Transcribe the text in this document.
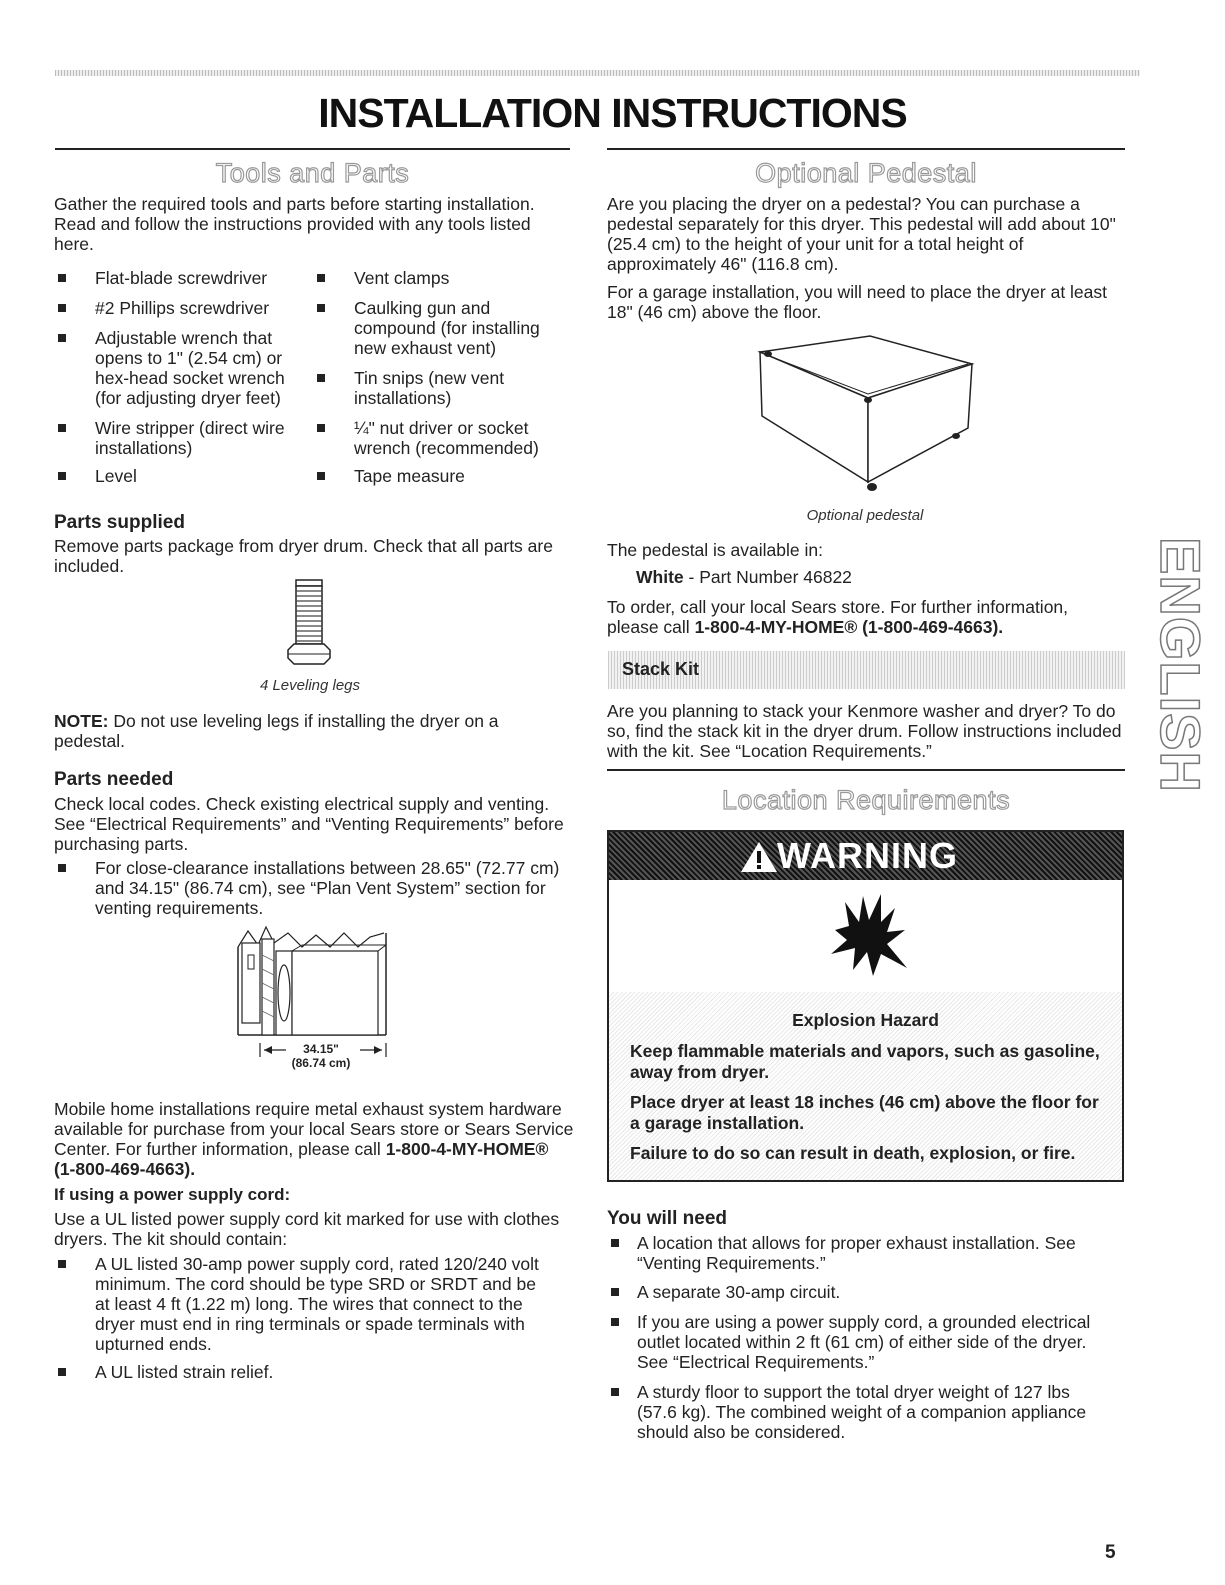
INSTALLATION INSTRUCTIONS
Tools and Parts
Gather the required tools and parts before starting installation. Read and follow the instructions provided with any tools listed here.
Flat-blade screwdriver
#2 Phillips screwdriver
Adjustable wrench that opens to 1" (2.54 cm) or hex-head socket wrench (for adjusting dryer feet)
Wire stripper (direct wire installations)
Level
Vent clamps
Caulking gun and compound (for installing new exhaust vent)
Tin snips (new vent installations)
¼" nut driver or socket wrench (recommended)
Tape measure
Parts supplied
Remove parts package from dryer drum. Check that all parts are included.
4 Leveling legs
NOTE: Do not use leveling legs if installing the dryer on a pedestal.
Parts needed
Check local codes. Check existing electrical supply and venting. See “Electrical Requirements” and “Venting Requirements” before purchasing parts.
For close-clearance installations between 28.65" (72.77 cm) and 34.15" (86.74 cm), see “Plan Vent System” section for venting requirements.
34.15"
(86.74 cm)
Mobile home installations require metal exhaust system hardware available for purchase from your local Sears store or Sears Service Center. For further information, please call 1-800-4-MY-HOME® (1-800-469-4663).
If using a power supply cord:
Use a UL listed power supply cord kit marked for use with clothes dryers. The kit should contain:
A UL listed 30-amp power supply cord, rated 120/240 volt minimum. The cord should be type SRD or SRDT and be at least 4 ft (1.22 m) long. The wires that connect to the dryer must end in ring terminals or spade terminals with upturned ends.
A UL listed strain relief.
Optional Pedestal
Are you placing the dryer on a pedestal? You can purchase a pedestal separately for this dryer. This pedestal will add about 10" (25.4 cm) to the height of your unit for a total height of approximately 46" (116.8 cm).
For a garage installation, you will need to place the dryer at least 18" (46 cm) above the floor.
Optional pedestal
The pedestal is available in:
White - Part Number 46822
To order, call your local Sears store. For further information, please call 1-800-4-MY-HOME® (1-800-469-4663).
Stack Kit
Are you planning to stack your Kenmore washer and dryer? To do so, find the stack kit in the dryer drum. Follow instructions included with the kit. See “Location Requirements.”
Location Requirements
WARNING
Explosion Hazard
Keep flammable materials and vapors, such as gasoline, away from dryer.
Place dryer at least 18 inches (46 cm) above the floor for a garage installation.
Failure to do so can result in death, explosion, or fire.
You will need
A location that allows for proper exhaust installation. See “Venting Requirements.”
A separate 30-amp circuit.
If you are using a power supply cord, a grounded electrical outlet located within 2 ft (61 cm) of either side of the dryer. See “Electrical Requirements.”
A sturdy floor to support the total dryer weight of 127 lbs (57.6 kg). The combined weight of a companion appliance should also be considered.
ENGLISH
5
